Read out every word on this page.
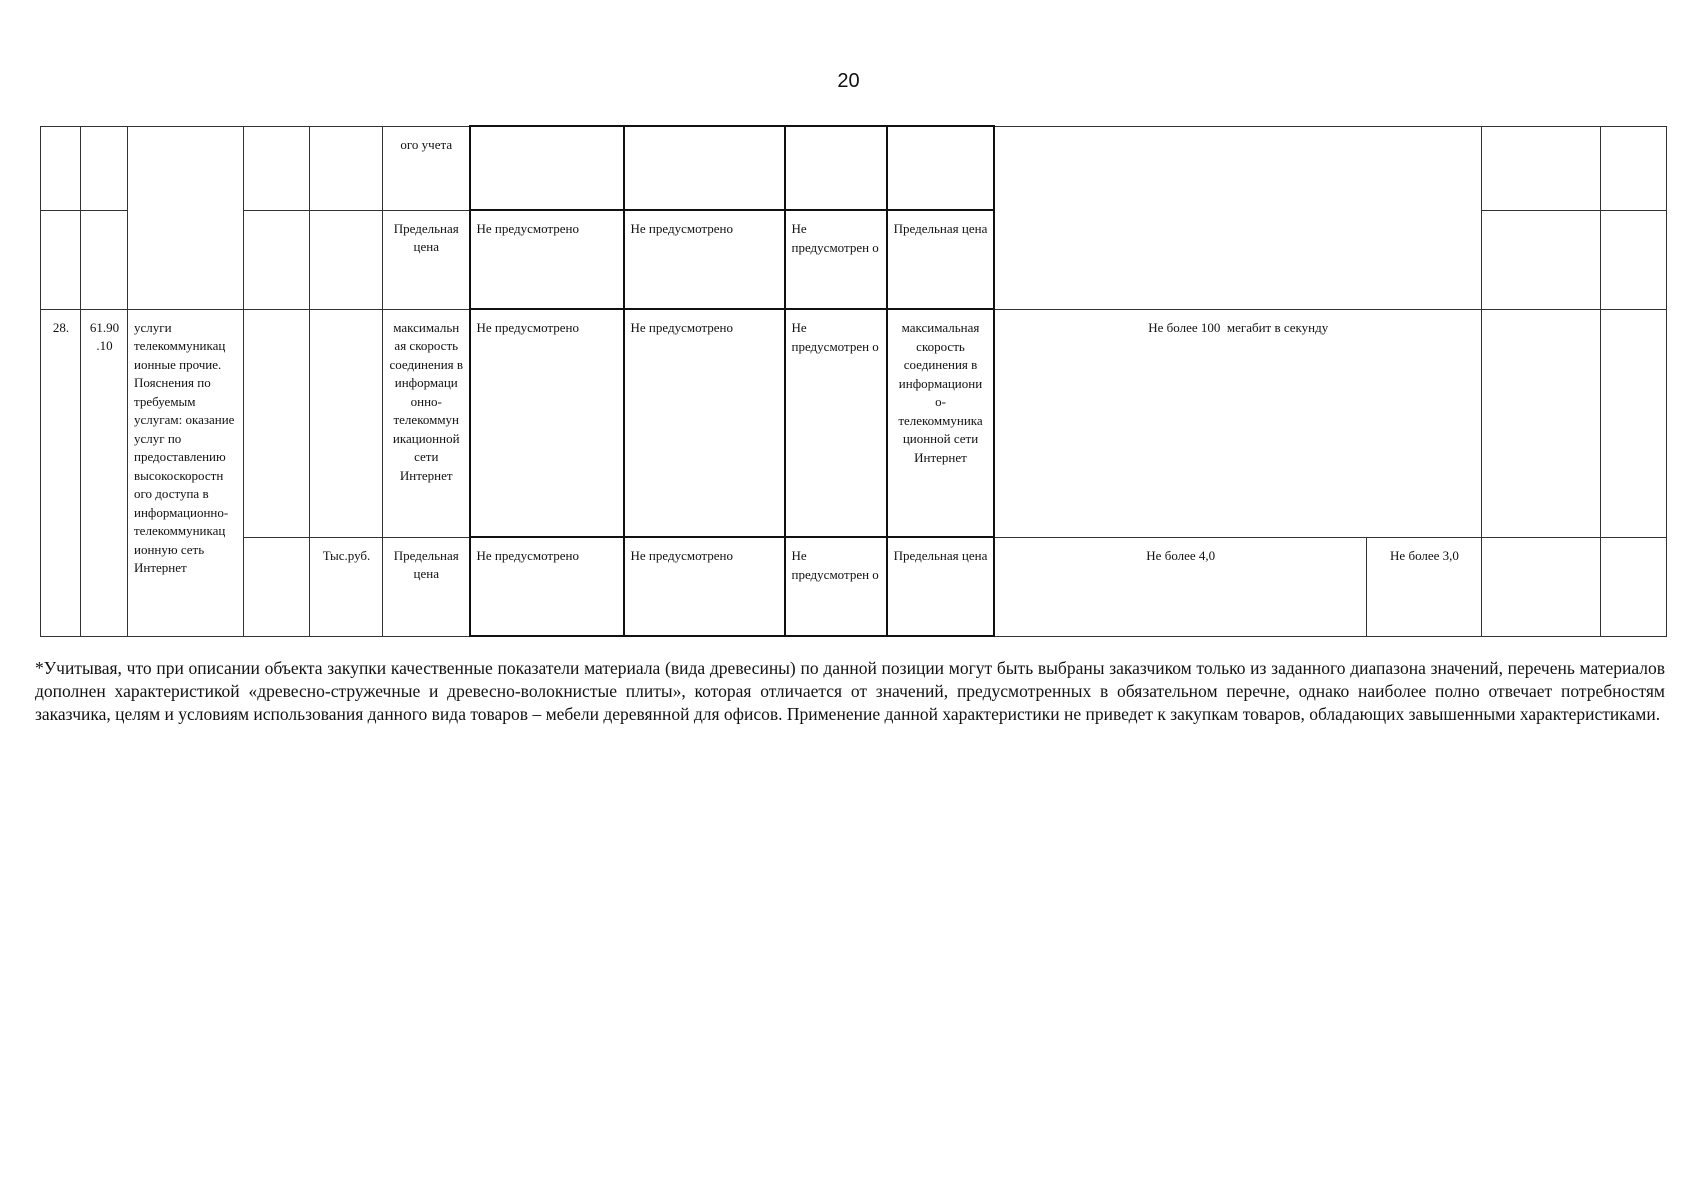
20
					ого учета								
					Предельная цена	Не предусмотрено	Не предусмотрено	Не предусмотрен о	Предельная цена				
28.	61.90 .10	услуги телекоммуникац ионные прочие. Пояснения по требуемым услугам: оказание услуг по предоставлению высокоскоростн ого доступа в информационно- телекоммуникац ионную сеть Интернет			максимальн ая скорость соединения в информаци онно- телекоммун икационной сети Интернет	Не предусмотрено	Не предусмотрено	Не предусмотрен о	максимальная скорость соединения в информациони о- телекоммуника ционной сети Интернет	Не более 100  мегабит в секунду			
				Тыс.руб.	Предельная цена	Не предусмотрено	Не предусмотрено	Не предусмотрен о	Предельная цена	Не более 4,0	Не более 3,0		
*Учитывая, что при описании объекта закупки качественные показатели материала (вида древесины) по данной позиции могут быть выбраны заказчиком только из заданного диапазона значений, перечень материалов дополнен характеристикой «древесно-стружечные и древесно-волокнистые плиты», которая отличается от значений, предусмотренных в обязательном перечне, однако наиболее полно отвечает потребностям заказчика, целям и условиям использования данного вида товаров – мебели деревянной для офисов. Применение данной характеристики не приведет к закупкам товаров, обладающих завышенными характеристиками.
